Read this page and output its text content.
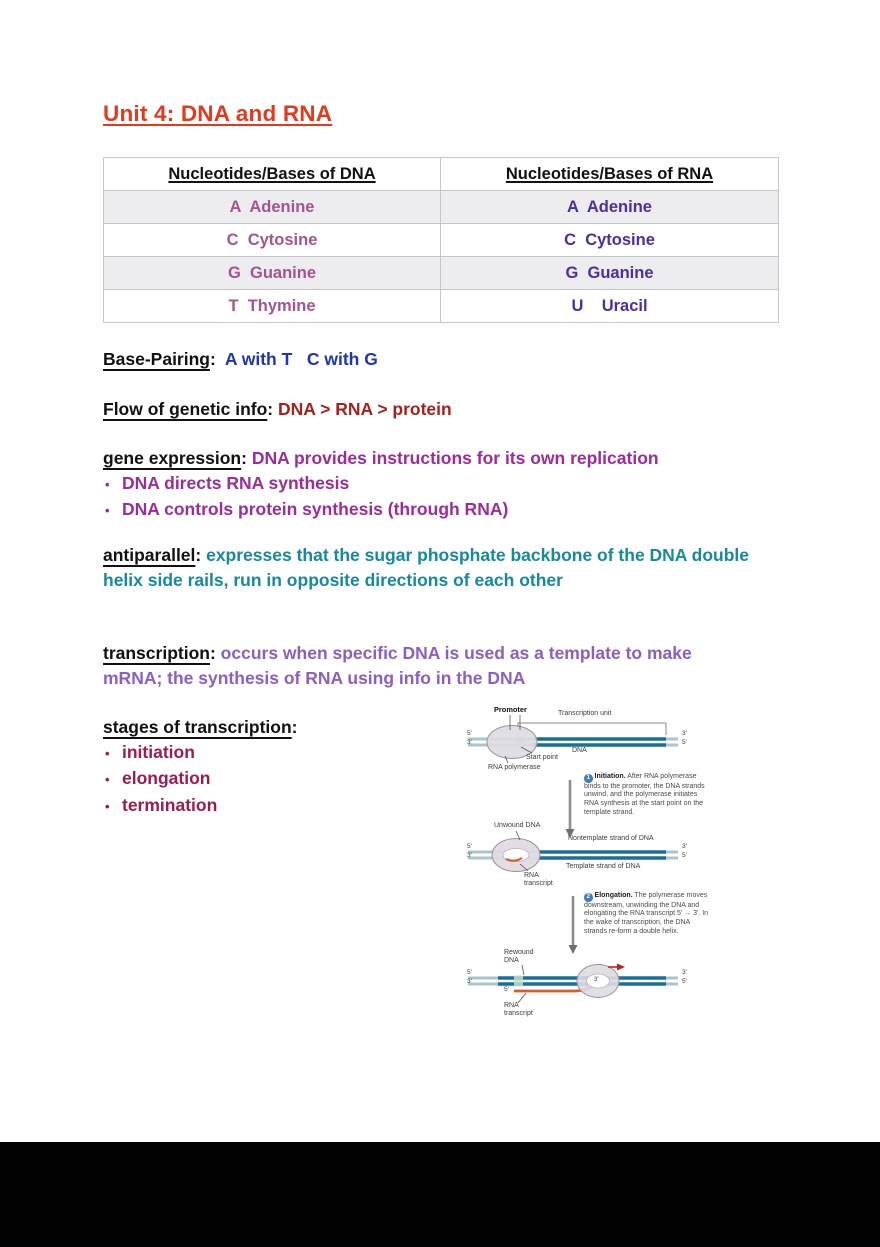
Unit 4: DNA and RNA
Nucleotides/Bases of DNA	Nucleotides/Bases of RNA
A  Adenine	A  Adenine
C  Cytosine	C  Cytosine
G  Guanine	G  Guanine
T  Thymine	U    Uracil
Base-Pairing:  A with T   C with G
Flow of genetic info: DNA > RNA > protein
gene expression: DNA provides instructions for its own replication
• DNA directs RNA synthesis
• DNA controls protein synthesis (through RNA)
antiparallel: expresses that the sugar phosphate backbone of the DNA double helix side rails, run in opposite directions of each other
transcription: occurs when specific DNA is used as a template to make mRNA; the synthesis of RNA using info in the DNA
stages of transcription:
• initiation
• elongation
• termination
Promoter	Transcription unit
5'
3'
3'
5'
DNA
Start point
RNA polymerase
1 Initiation. After RNA polymerase binds to the promoter, the DNA strands unwind, and the polymerase initiates RNA synthesis at the start point on the template strand.
Unwound DNA
Nontemplate strand of DNA
5'
3'
3'
5'
Template strand of DNA
RNA transcript
2 Elongation. The polymerase moves downstream, unwinding the DNA and elongating the RNA transcript 5' → 3'. In the wake of transcription, the DNA strands re-form a double helix.
Rewound DNA
5'
3'
3'
5'
5'
3'
RNA transcript
